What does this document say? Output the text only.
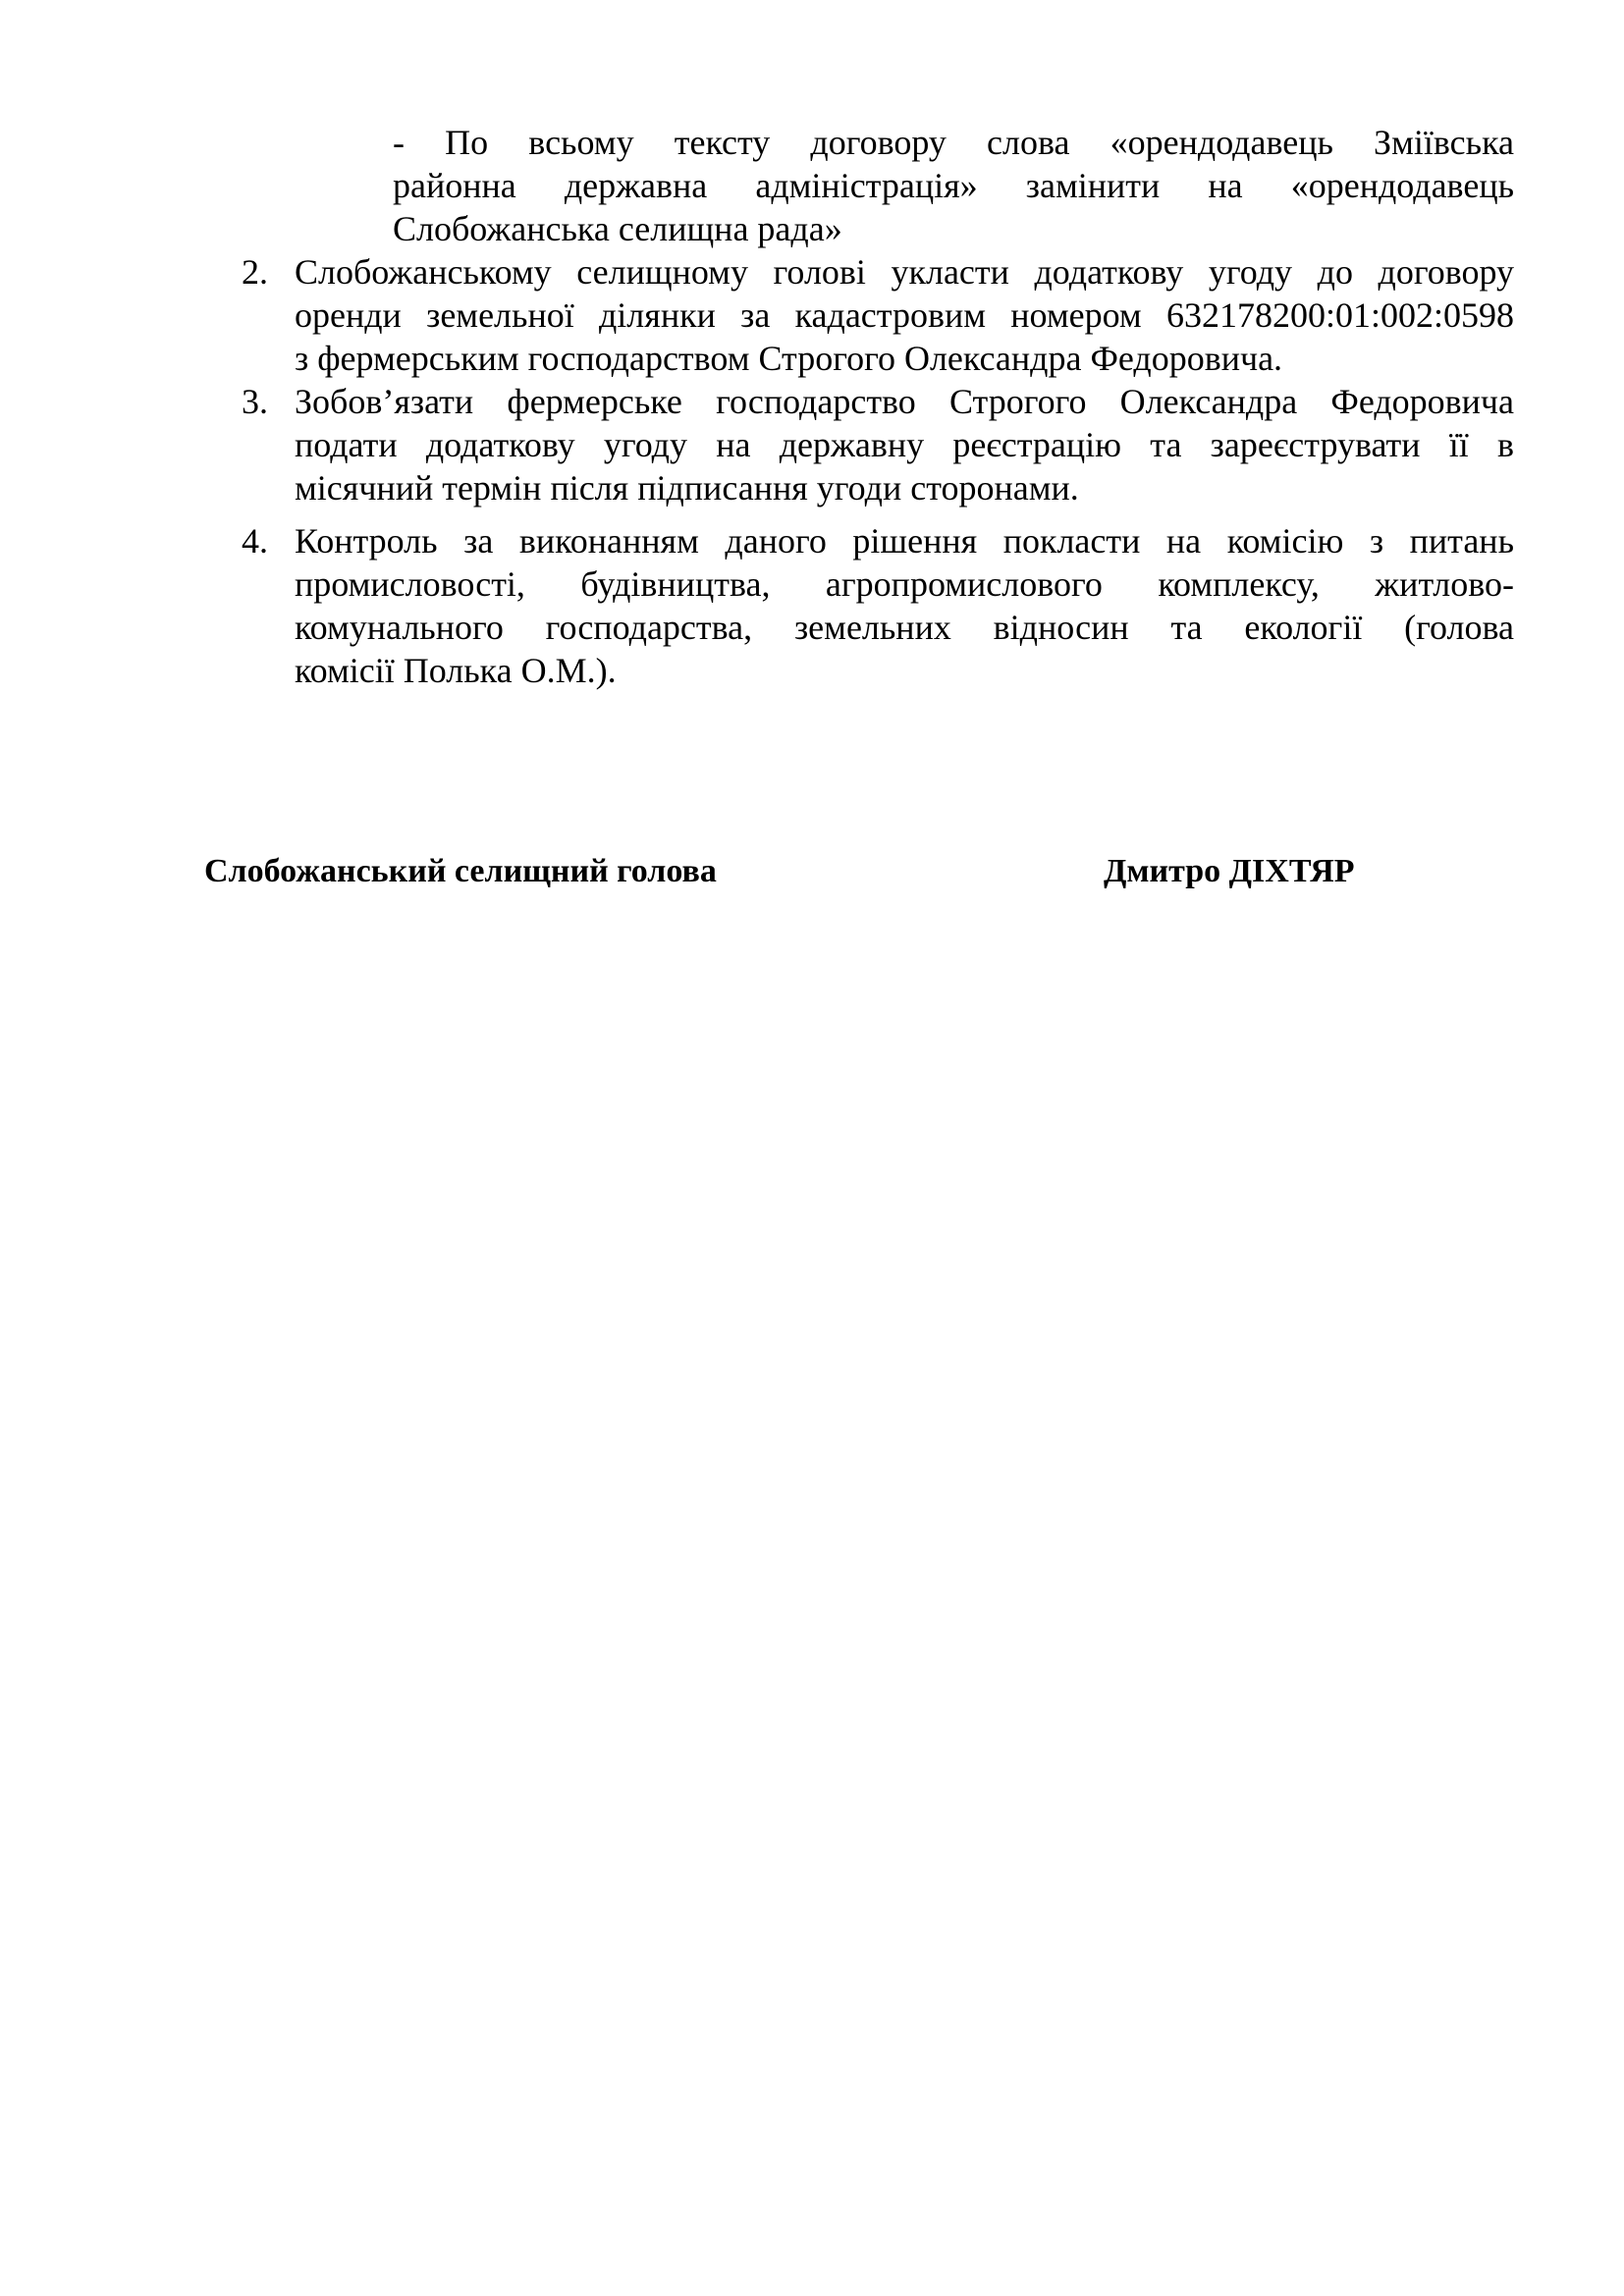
- По всьому тексту договору слова «орендодавець Зміївська
районна державна адміністрація» замінити на «орендодавець
Слобожанська селищна рада»
2. Слобожанському селищному голові укласти додаткову угоду до договору
оренди земельної ділянки за кадастровим номером 632178200:01:002:0598
з фермерським господарством Строгого Олександра Федоровича.
3. Зобов’язати фермерське господарство Строгого Олександра Федоровича
подати додаткову угоду на державну реєстрацію та зареєструвати її в
місячний термін після підписання угоди сторонами.
4. Контроль за виконанням даного рішення покласти на комісію з питань
промисловості, будівництва, агропромислового комплексу, житлово-
комунального господарства, земельних відносин та екології (голова
комісії Полька О.М.).
Слобожанський селищний голова	Дмитро ДІХТЯР
